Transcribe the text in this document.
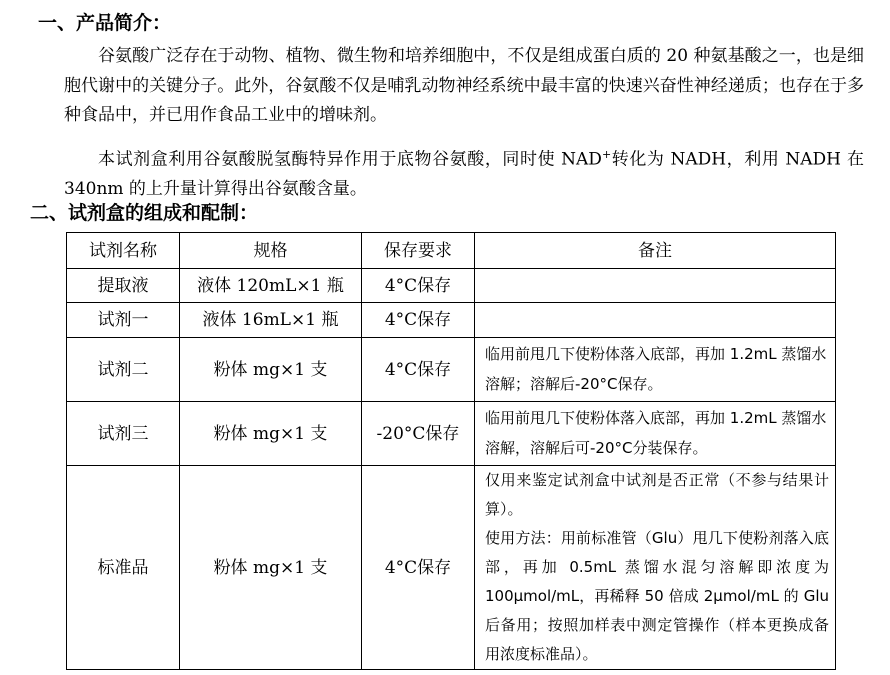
一、产品简介：

谷氨酸广泛存在于动物、植物、微生物和培养细胞中，不仅是组成蛋白质的 20 种氨基酸之一，也是细胞代谢中的关键分子。此外，谷氨酸不仅是哺乳动物神经系统中最丰富的快速兴奋性神经递质；也存在于多种食品中，并已用作食品工业中的增味剂。

本试剂盒利用谷氨酸脱氢酶特异作用于底物谷氨酸，同时使 NAD+转化为 NADH，利用 NADH 在 340nm 的上升量计算得出谷氨酸含量。

二、试剂盒的组成和配制：
试剂名称	规格	保存要求	备注
提取液	液体 120mL×1 瓶	4°C保存	
试剂一	液体 16mL×1 瓶	4°C保存	
试剂二	粉体 mg×1 支	4°C保存	临用前甩几下使粉体落入底部，再加 1.2mL 蒸馏水溶解；溶解后-20°C保存。
试剂三	粉体 mg×1 支	-20°C保存	临用前甩几下使粉体落入底部，再加 1.2mL 蒸馏水溶解，溶解后可-20°C分装保存。
标准品	粉体 mg×1 支	4°C保存	仅用来鉴定试剂盒中试剂是否正常（不参与结果计算）。
使用方法：用前标准管（Glu）甩几下使粉剂落入底部，再加 0.5mL 蒸馏水混匀溶解即浓度为 100μmol/mL，再稀释 50 倍成 2μmol/mL 的 Glu 后备用；按照加样表中测定管操作（样本更换成备用浓度标准品）。
